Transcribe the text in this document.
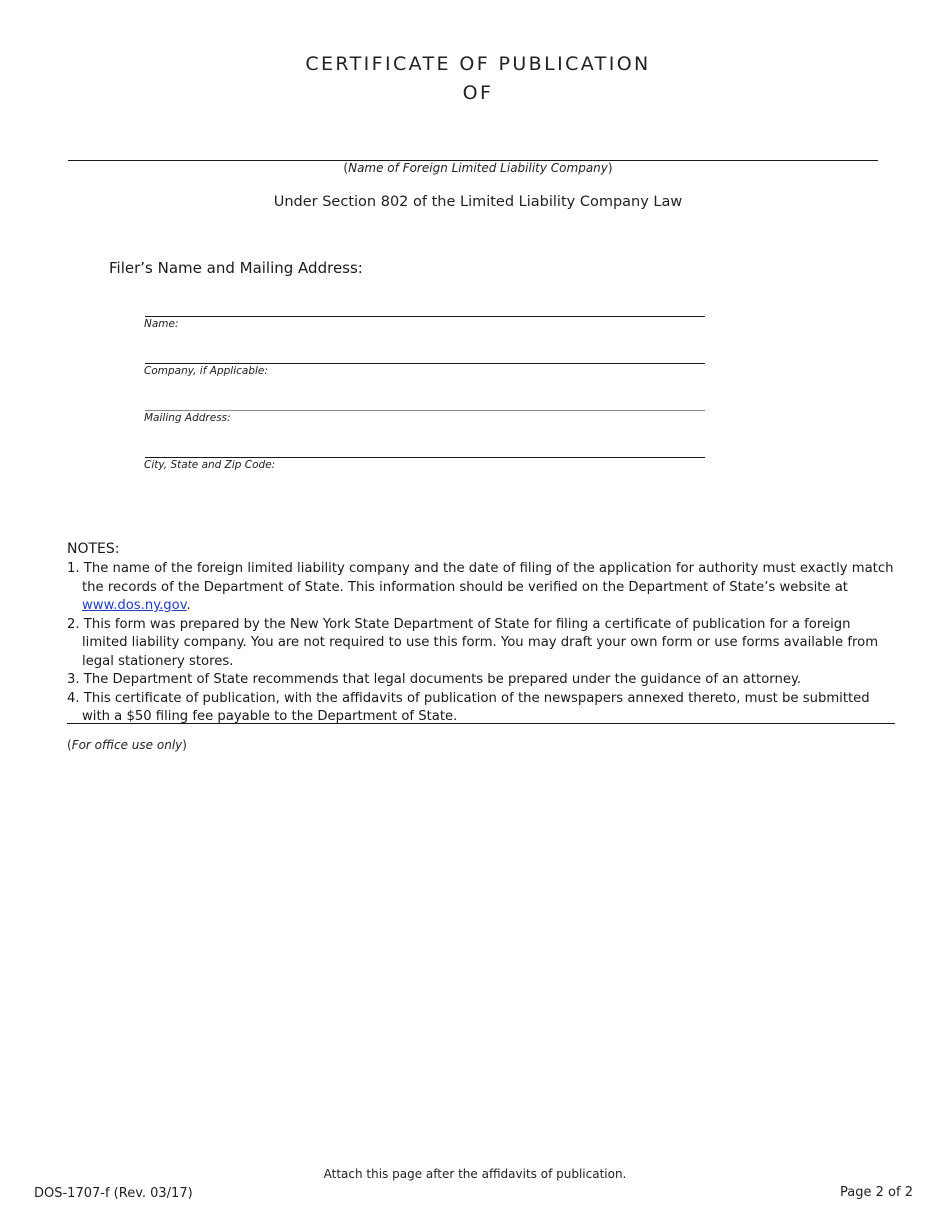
CERTIFICATE OF PUBLICATION
OF
(Name of Foreign Limited Liability Company)
Under Section 802 of the Limited Liability Company Law
Filer’s Name and Mailing Address:
Name:
Company, if Applicable:
Mailing Address:
City, State and Zip Code:
NOTES:
1. The name of the foreign limited liability company and the date of filing of the application for authority must exactly match the records of the Department of State. This information should be verified on the Department of State’s website at www.dos.ny.gov.
2. This form was prepared by the New York State Department of State for filing a certificate of publication for a foreign limited liability company. You are not required to use this form. You may draft your own form or use forms available from legal stationery stores.
3. The Department of State recommends that legal documents be prepared under the guidance of an attorney.
4. This certificate of publication, with the affidavits of publication of the newspapers annexed thereto, must be submitted with a $50 filing fee payable to the Department of State.
(For office use only)
Attach this page after the affidavits of publication.
DOS-1707-f (Rev. 03/17)	Page 2 of 2
